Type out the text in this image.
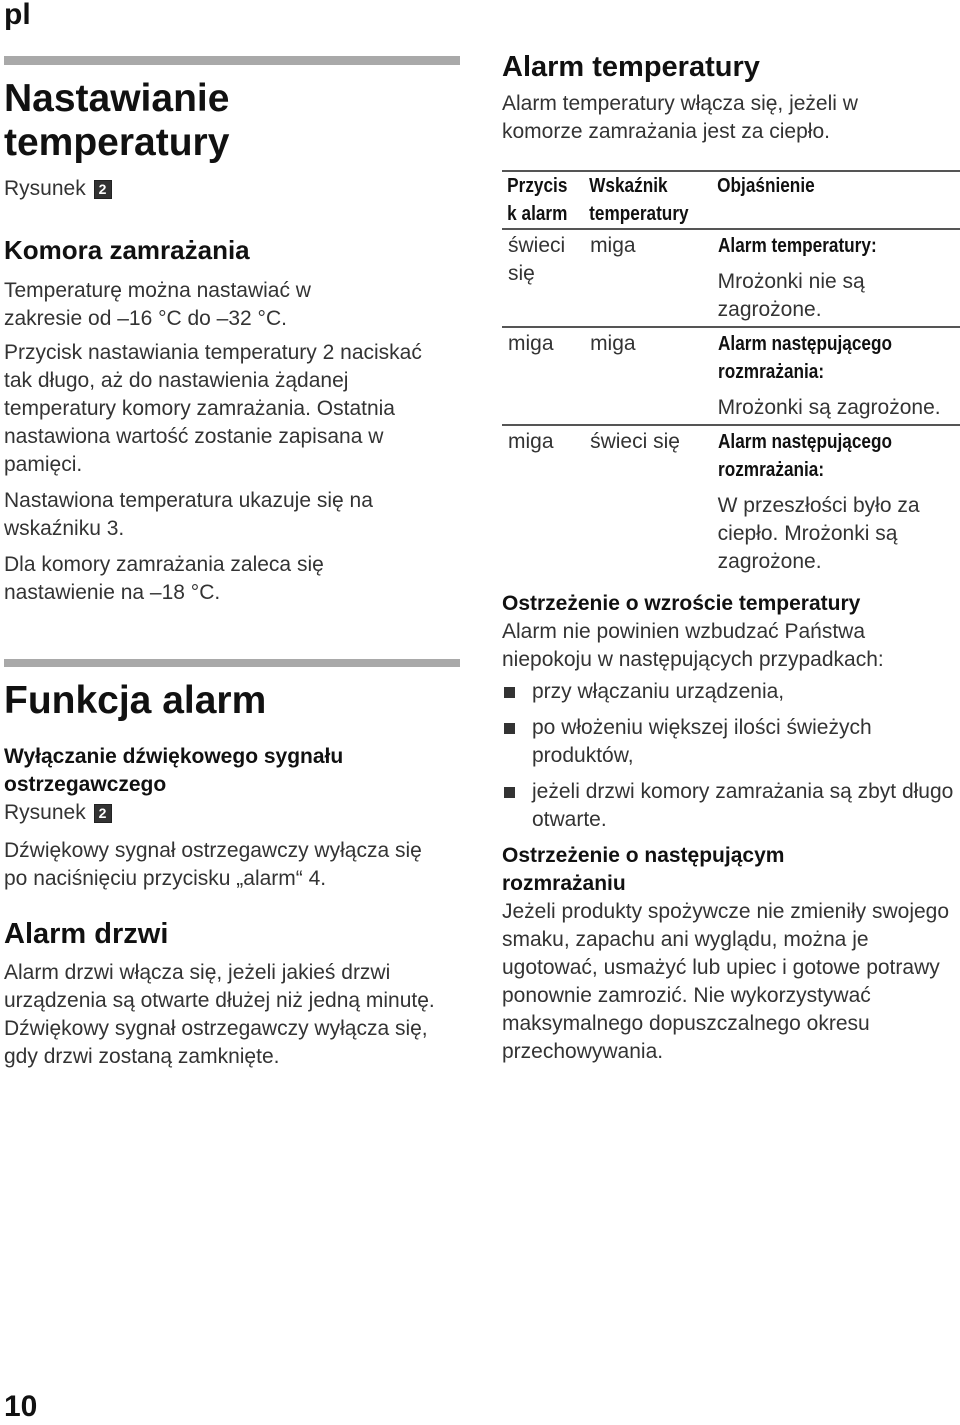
pl
Nastawianie temperatury

Rysunek 2

Komora zamrażania

Temperaturę można nastawiać w zakresie od –16 °C do –32 °C.

Przycisk nastawiania temperatury 2 naciskać tak długo, aż do nastawienia żądanej temperatury komory zamrażania. Ostatnia nastawiona wartość zostanie zapisana w pamięci.

Nastawiona temperatura ukazuje się na wskaźniku 3.

Dla komory zamrażania zaleca się nastawienie na –18 °C.

Funkcja alarm
Wyłączanie dźwiękowego sygnału ostrzegawczego

Rysunek 2

Dźwiękowy sygnał ostrzegawczy wyłącza się po naciśnięciu przycisku „alarm“ 4.

Alarm drzwi

Alarm drzwi włącza się, jeżeli jakieś drzwi urządzenia są otwarte dłużej niż jedną minutę. Dźwiękowy sygnał ostrzegawczy wyłącza się, gdy drzwi zostaną zamknięte.

Alarm temperatury

Alarm temperatury włącza się, jeżeli w komorze zamrażania jest za ciepło.

Przycis k alarm	Wskaźnik temperatury	Objaśnienie
świeci się	miga	Alarm temperatury:
Mrożonki nie są zagrożone.

miga	miga	Alarm następującego rozmrażania:
Mrożonki są zagrożone.

miga	świeci się	Alarm następującego rozmrażania:
W przeszłości było za ciepło. Mrożonki są zagrożone.
Ostrzeżenie o wzroście temperatury

Alarm nie powinien wzbudzać Państwa niepokoju w następujących przypadkach:

przy włączaniu urządzenia,
po włożeniu większej ilości świeżych produktów,
jeżeli drzwi komory zamrażania są zbyt długo otwarte.
Ostrzeżenie o następującym rozmrażaniu

Jeżeli produkty spożywcze nie zmieniły swojego smaku, zapachu ani wyglądu, można je ugotować, usmażyć lub upiec i gotowe potrawy ponownie zamrozić. Nie wykorzystywać maksymalnego dopuszczalnego okresu przechowywania.

10
